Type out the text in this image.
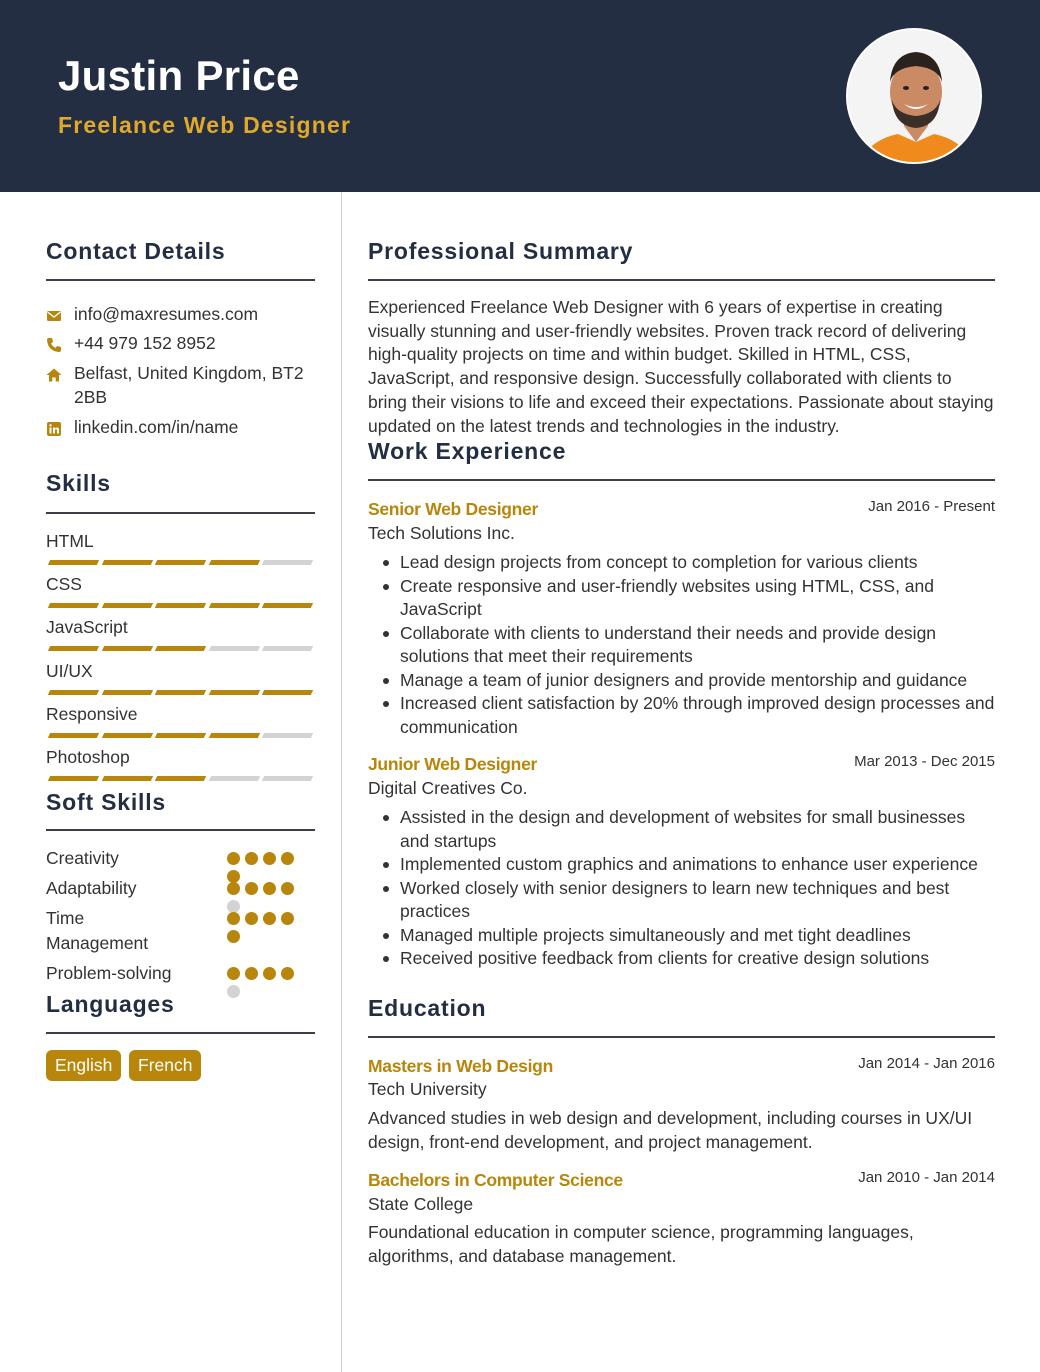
Justin Price
Freelance Web Designer
Contact Details
info@maxresumes.com
+44 979 152 8952
Belfast, United Kingdom, BT2 2BB
linkedin.com/in/name
Skills
HTML
CSS
JavaScript
UI/UX
Responsive
Photoshop
Soft Skills
Creativity
Adaptability
Time Management
Problem-solving
Languages
English	French
Professional Summary
Experienced Freelance Web Designer with 6 years of expertise in creating visually stunning and user-friendly websites. Proven track record of delivering high-quality projects on time and within budget. Skilled in HTML, CSS, JavaScript, and responsive design. Successfully collaborated with clients to bring their visions to life and exceed their expectations. Passionate about staying updated on the latest trends and technologies in the industry.
Work Experience
Senior Web Designer	Jan 2016 - Present
Tech Solutions Inc.
Lead design projects from concept to completion for various clients
Create responsive and user-friendly websites using HTML, CSS, and JavaScript
Collaborate with clients to understand their needs and provide design solutions that meet their requirements
Manage a team of junior designers and provide mentorship and guidance
Increased client satisfaction by 20% through improved design processes and communication
Junior Web Designer	Mar 2013 - Dec 2015
Digital Creatives Co.
Assisted in the design and development of websites for small businesses and startups
Implemented custom graphics and animations to enhance user experience
Worked closely with senior designers to learn new techniques and best practices
Managed multiple projects simultaneously and met tight deadlines
Received positive feedback from clients for creative design solutions
Education
Masters in Web Design	Jan 2014 - Jan 2016
Tech University
Advanced studies in web design and development, including courses in UX/UI design, front-end development, and project management.
Bachelors in Computer Science	Jan 2010 - Jan 2014
State College
Foundational education in computer science, programming languages, algorithms, and database management.
